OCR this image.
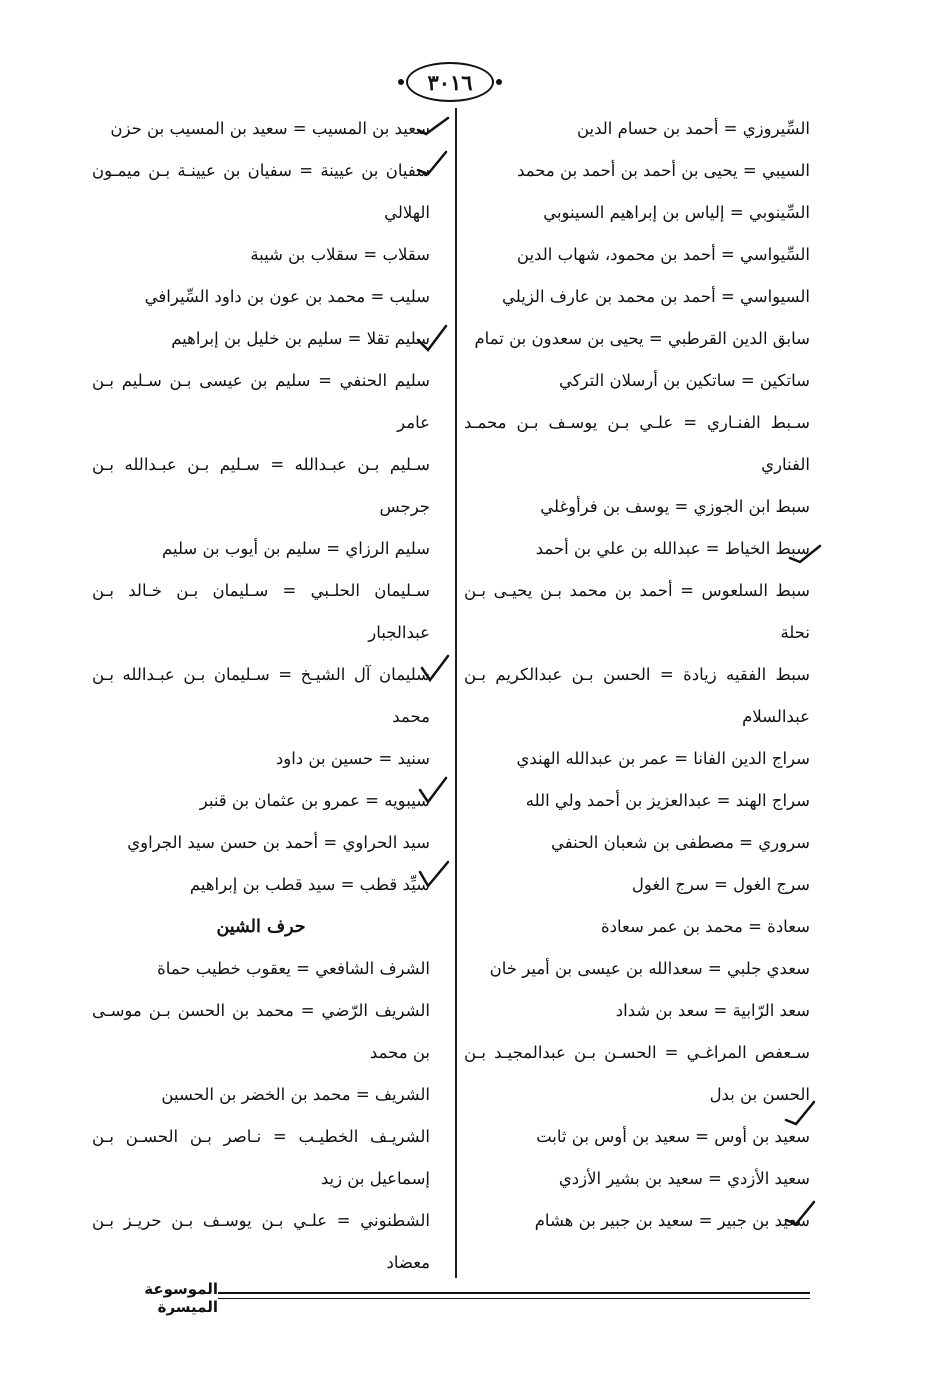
٣٠١٦
السِّيروزي = أحمد بن حسام الدين
السيبي = يحيى بن أحمد بن أحمد بن محمد
السِّينوبي = إلياس بن إبراهيم السينوبي
السِّيواسي = أحمد بن محمود، شهاب الدين
السيواسي = أحمد بن محمد بن عارف الزيلي
سابق الدين القرطبي = يحيى بن سعدون بن تمام
ساتكين = ساتكين بن أرسلان التركي
سـبط الفنـاري = علـي بـن يوسـف بـن محمـد
الفناري
سبط ابن الجوزي = يوسف بن فرأوغلي
سبط الخياط = عبدالله بن علي بن أحمد
سبط السلعوس = أحمد بن محمد بـن يحيـى بـن
نحلة
سبط الفقيه زيادة = الحسن بـن عبدالكريم بـن
عبدالسلام
سراج الدين الفانا = عمر بن عبدالله الهندي
سراج الهند = عبدالعزيز بن أحمد ولي الله
سروري = مصطفى بن شعبان الحنفي
سرج الغول = سرج الغول
سعادة = محمد بن عمر سعادة
سعدي جلبي = سعدالله بن عيسى بن أمير خان
سعد الرّابية = سعد بن شداد
سـعفص المراغـي = الحسـن بـن عبدالمجيـد بـن
الحسن بن بدل
سعيد بن أوس = سعيد بن أوس بن ثابت
سعيد الأزدي = سعيد بن بشير الأزدي
سعيد بن جبير = سعيد بن جبير بن هشام
سعيد بن المسيب = سعيد بن المسيب بن حزن
سفيان بن عيينة = سفيان بن عيينـة بـن ميمـون
الهلالي
سقلاب = سقلاب بن شيبة
سليب = محمد بن عون بن داود السِّيرافي
سليم تقلا = سليم بن خليل بن إبراهيم
سليم الحنفي = سليم بن عيسى بـن سـليم بـن
عامر
سـليم بـن عبـدالله = سـليم بـن عبـدالله بـن
جرجس
سليم الرزاي = سليم بن أيوب بن سليم
سـليمان الحلـبي = سـليمان بـن خـالد بـن
عبدالجبار
سليمان آل الشيـخ = سـليمان بـن عبـدالله بـن
محمد
سنيد = حسين بن داود
سيبويه = عمرو بن عثمان بن قنبر
سيد الحراوي = أحمد بن حسن سيد الجراوي
سيِّد قطب = سيد قطب بن إبراهيم
حرف الشين
الشرف الشافعي = يعقوب خطيب حماة
الشريف الرّضي = محمد بن الحسن بـن موسـى
بن محمد
الشريف = محمد بن الخضر بن الحسين
الشريـف الخطيـب = نـاصر بـن الحسـن بـن
إسماعيل بن زيد
الشطنوني = علـي بـن يوسـف بـن حريـز بـن
معضاد
الموسوعة الميسرة
